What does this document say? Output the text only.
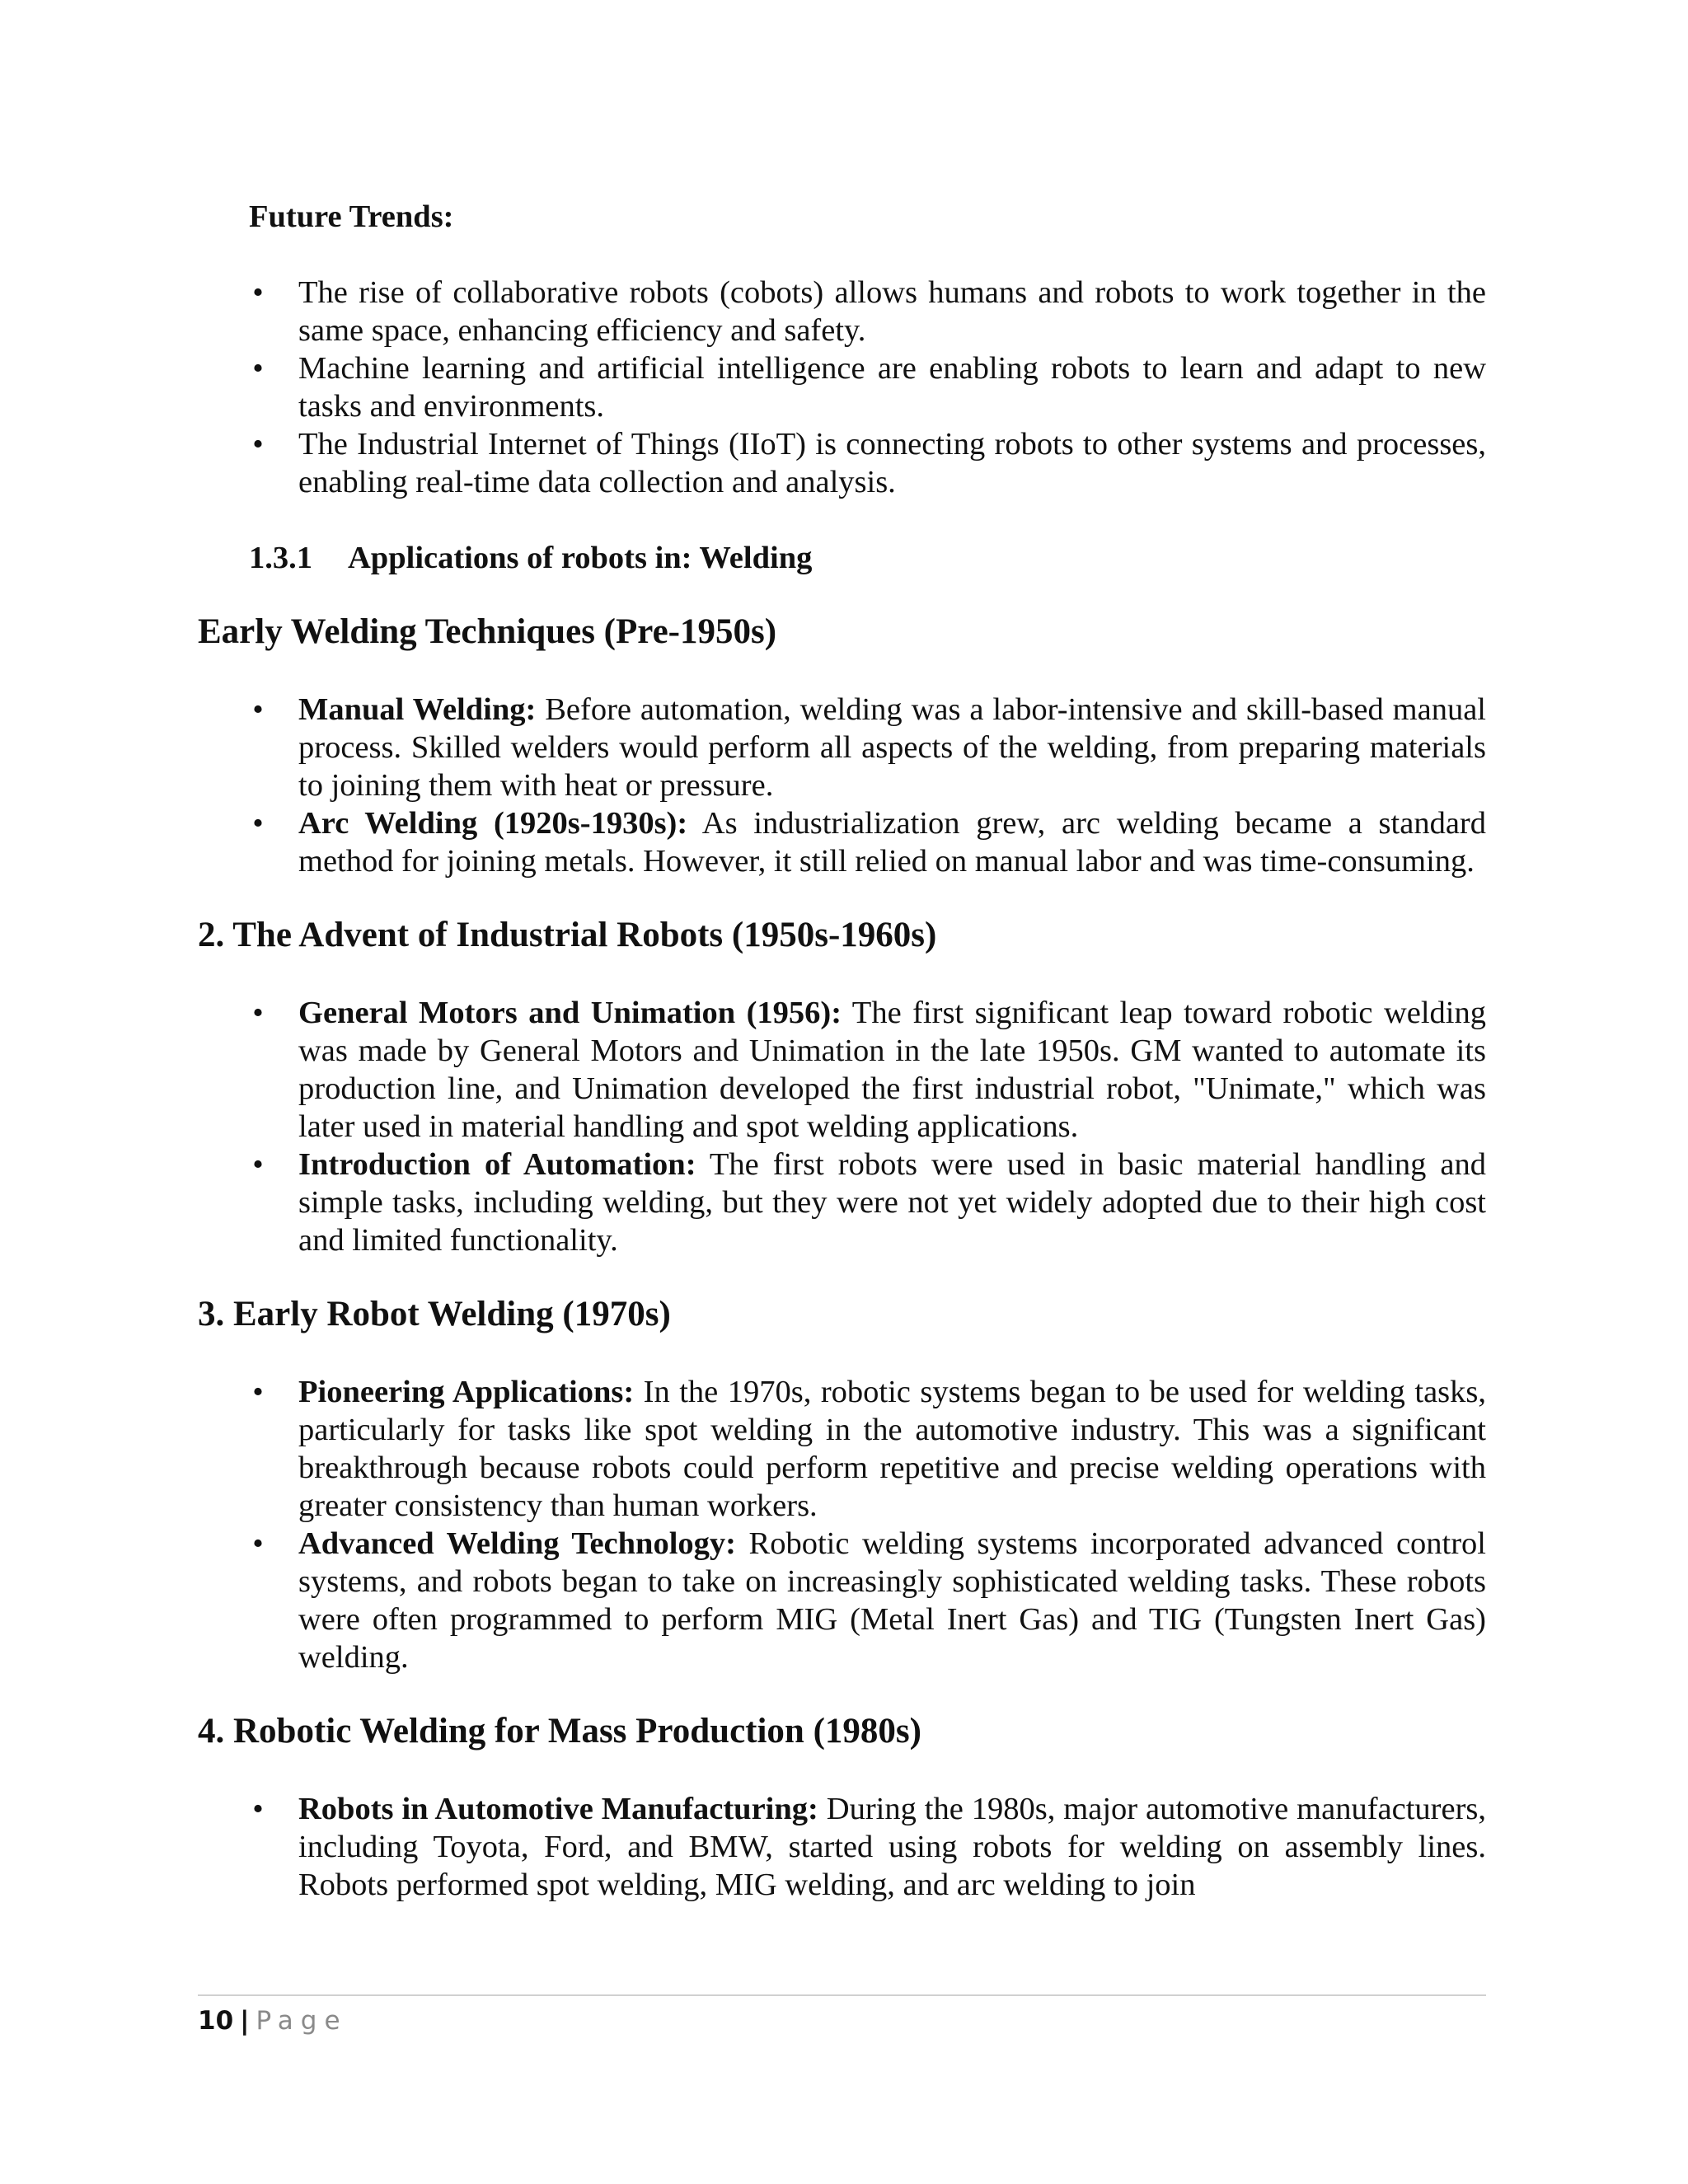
Future Trends:
• The rise of collaborative robots (cobots) allows humans and robots to work together in the same space, enhancing efficiency and safety.
• Machine learning and artificial intelligence are enabling robots to learn and adapt to new tasks and environments.
• The Industrial Internet of Things (IIoT) is connecting robots to other systems and processes, enabling real-time data collection and analysis.
1.3.1 Applications of robots in: Welding
Early Welding Techniques (Pre-1950s)
• Manual Welding: Before automation, welding was a labor-intensive and skill-based manual process. Skilled welders would perform all aspects of the welding, from preparing materials to joining them with heat or pressure.
• Arc Welding (1920s-1930s): As industrialization grew, arc welding became a standard method for joining metals. However, it still relied on manual labor and was time-consuming.
2. The Advent of Industrial Robots (1950s-1960s)
• General Motors and Unimation (1956): The first significant leap toward robotic welding was made by General Motors and Unimation in the late 1950s. GM wanted to automate its production line, and Unimation developed the first industrial robot, "Unimate," which was later used in material handling and spot welding applications.
• Introduction of Automation: The first robots were used in basic material handling and simple tasks, including welding, but they were not yet widely adopted due to their high cost and limited functionality.
3. Early Robot Welding (1970s)
• Pioneering Applications: In the 1970s, robotic systems began to be used for welding tasks, particularly for tasks like spot welding in the automotive industry. This was a significant breakthrough because robots could perform repetitive and precise welding operations with greater consistency than human workers.
• Advanced Welding Technology: Robotic welding systems incorporated advanced control systems, and robots began to take on increasingly sophisticated welding tasks. These robots were often programmed to perform MIG (Metal Inert Gas) and TIG (Tungsten Inert Gas) welding.
4. Robotic Welding for Mass Production (1980s)
• Robots in Automotive Manufacturing: During the 1980s, major automotive manufacturers, including Toyota, Ford, and BMW, started using robots for welding on assembly lines. Robots performed spot welding, MIG welding, and arc welding to join
10 | Page
